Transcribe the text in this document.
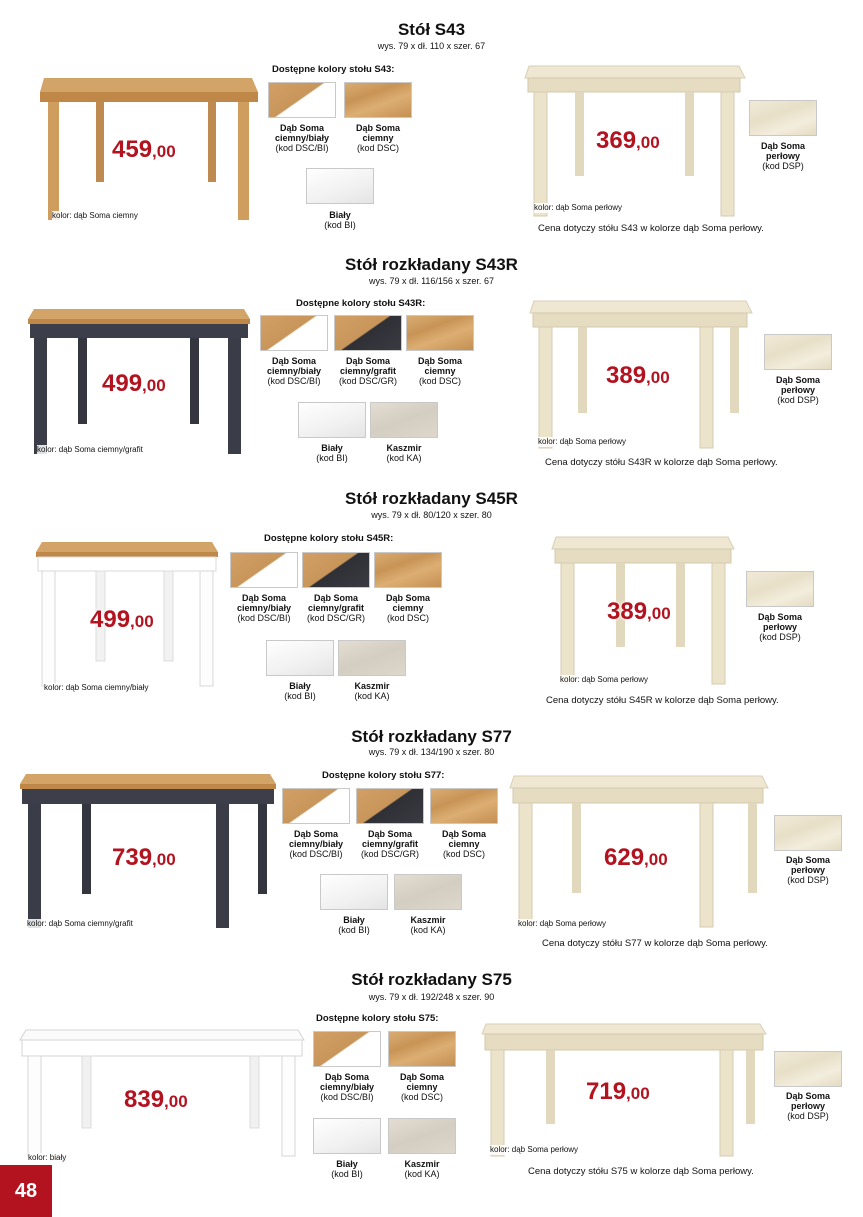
Stół S43
wys. 79 x dł. 110 x szer. 67
459,00
kolor: dąb Soma ciemny
Dostępne kolory stołu S43:
Dąb Soma ciemny/biały
(kod DSC/BI)
Dąb Soma ciemny
(kod DSC)
Biały
(kod BI)
369,00
kolor: dąb Soma perłowy
Dąb Soma perłowy
(kod DSP)
Cena dotyczy stółu S43 w kolorze dąb Soma perłowy.
Stół rozkładany S43R
wys. 79 x dł. 116/156 x szer. 67
499,00
kolor: dąb Soma ciemny/grafit
Dostępne kolory stołu S43R:
Dąb Soma ciemny/biały
(kod DSC/BI)
Dąb Soma ciemny/grafit
(kod DSC/GR)
Dąb Soma ciemny
(kod DSC)
Biały
(kod BI)
Kaszmir
(kod KA)
389,00
kolor: dąb Soma perłowy
Dąb Soma perłowy
(kod DSP)
Cena dotyczy stółu S43R w kolorze dąb Soma perłowy.
Stół rozkładany S45R
wys. 79 x dł. 80/120 x szer. 80
499,00
kolor: dąb Soma ciemny/biały
Dostępne kolory stołu S45R:
Dąb Soma ciemny/biały
(kod DSC/BI)
Dąb Soma ciemny/grafit
(kod DSC/GR)
Dąb Soma ciemny
(kod DSC)
Biały
(kod BI)
Kaszmir
(kod KA)
389,00
kolor: dąb Soma perłowy
Dąb Soma perłowy
(kod DSP)
Cena dotyczy stółu S45R w kolorze dąb Soma perłowy.
Stół rozkładany S77
wys. 79 x dł. 134/190 x szer. 80
739,00
kolor: dąb Soma ciemny/grafit
Dostępne kolory stołu S77:
Dąb Soma ciemny/biały
(kod DSC/BI)
Dąb Soma ciemny/grafit
(kod DSC/GR)
Dąb Soma ciemny
(kod DSC)
Biały
(kod BI)
Kaszmir
(kod KA)
629,00
kolor: dąb Soma perłowy
Dąb Soma perłowy
(kod DSP)
Cena dotyczy stółu S77 w kolorze dąb Soma perłowy.
Stół rozkładany S75
wys. 79 x dł. 192/248 x szer. 90
839,00
kolor: biały
Dostępne kolory stołu S75:
Dąb Soma ciemny/biały
(kod DSC/BI)
Dąb Soma ciemny
(kod DSC)
Biały
(kod BI)
Kaszmir
(kod KA)
719,00
kolor: dąb Soma perłowy
Dąb Soma perłowy
(kod DSP)
Cena dotyczy stółu S75 w kolorze dąb Soma perłowy.
48
